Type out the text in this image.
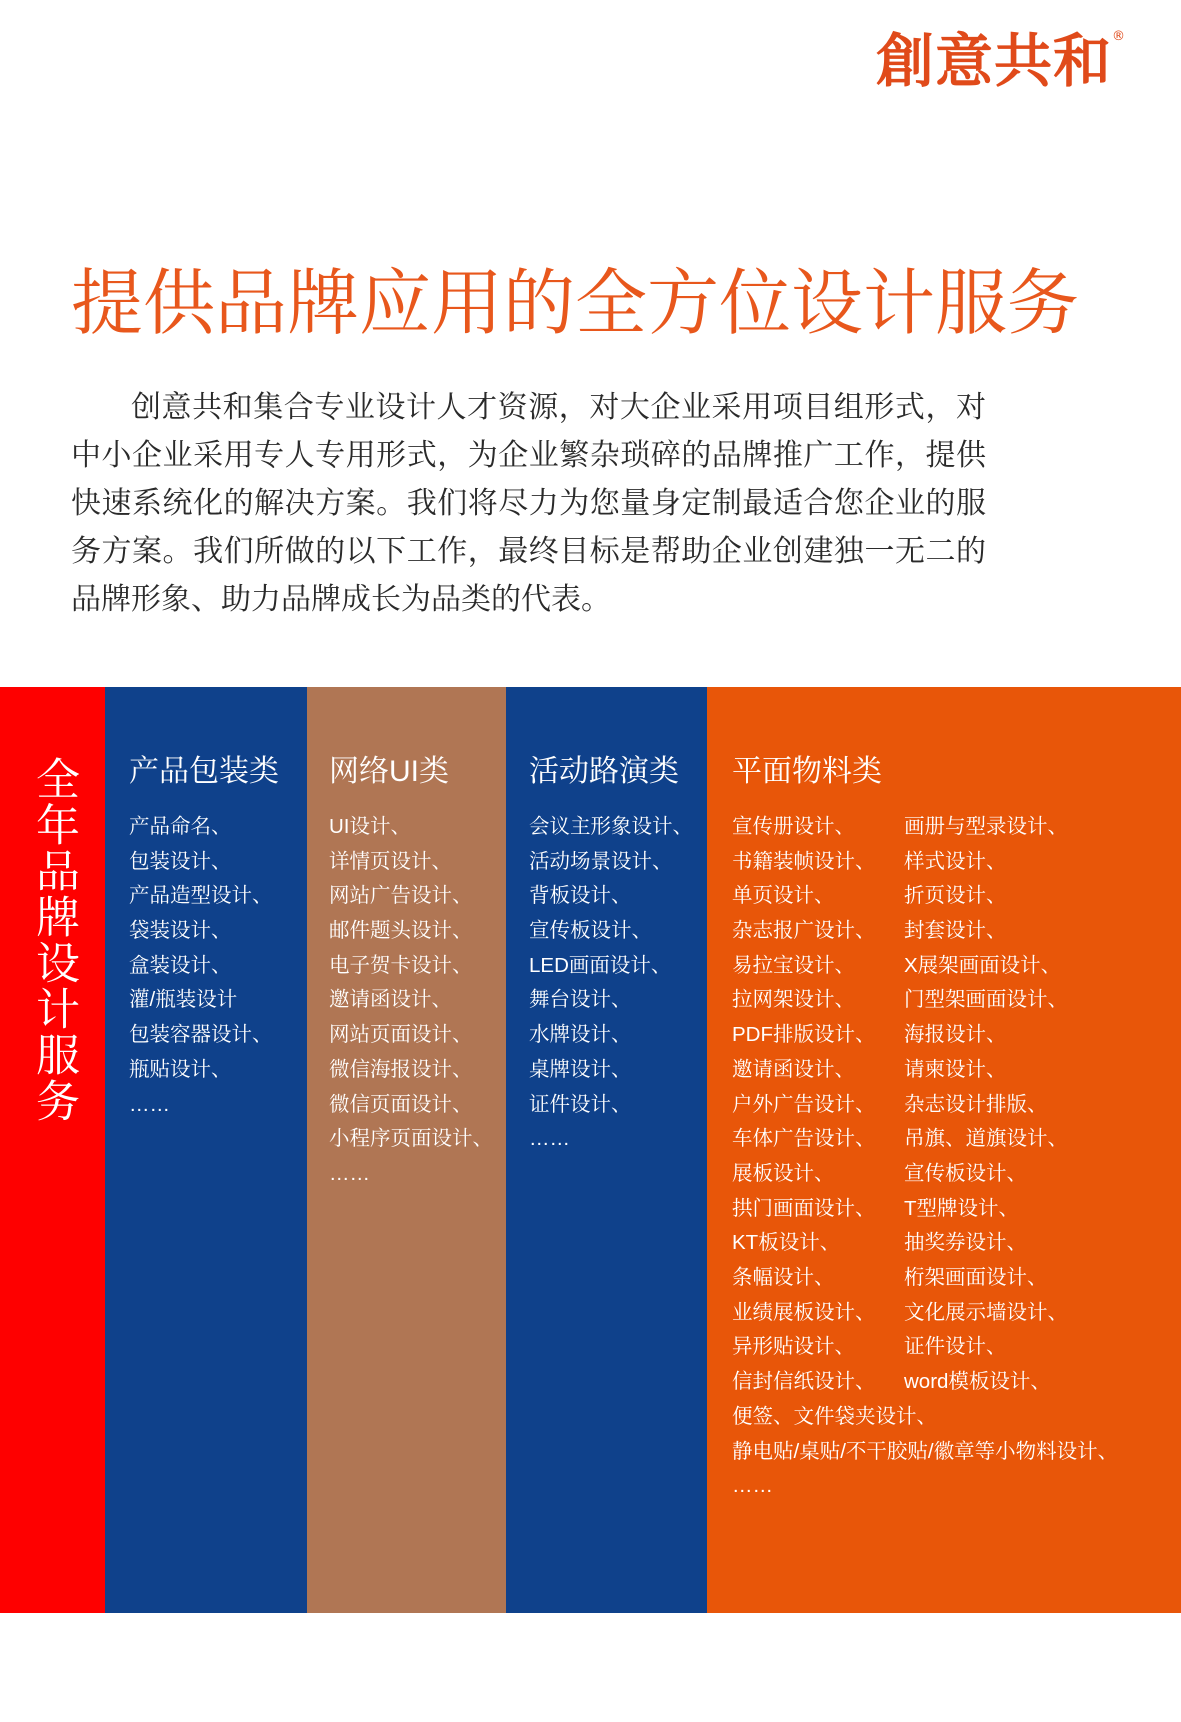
創意共和 ®
提供品牌应用的全方位设计服务
创意共和集合专业设计人才资源，对大企业采用项目组形式，对
中小企业采用专人专用形式，为企业繁杂琐碎的品牌推广工作，提供
快速系统化的解决方案。我们将尽力为您量身定制最适合您企业的服
务方案。我们所做的以下工作，最终目标是帮助企业创建独一无二的
品牌形象、助力品牌成长为品类的代表。
全年品牌设计服务 产品包装类
产品命名、
包装设计、
产品造型设计、
袋装设计、
盒装设计、
灌/瓶装设计
包装容器设计、
瓶贴设计、
……
网络UI类
UI设计、
详情页设计、
网站广告设计、
邮件题头设计、
电子贺卡设计、
邀请函设计、
网站页面设计、
微信海报设计、
微信页面设计、
小程序页面设计、
……
活动路演类
会议主形象设计、
活动场景设计、
背板设计、
宣传板设计、
LED画面设计、
舞台设计、
水牌设计、
桌牌设计、
证件设计、
……
平面物料类
宣传册设计、
书籍装帧设计、
单页设计、
杂志报广设计、
易拉宝设计、
拉网架设计、
PDF排版设计、
邀请函设计、
户外广告设计、
车体广告设计、
展板设计、
拱门画面设计、
KT板设计、
条幅设计、
业绩展板设计、
异形贴设计、
信封信纸设计、
画册与型录设计、
样式设计、
折页设计、
封套设计、
X展架画面设计、
门型架画面设计、
海报设计、
请柬设计、
杂志设计排版、
吊旗、道旗设计、
宣传板设计、
T型牌设计、
抽奖券设计、
桁架画面设计、
文化展示墙设计、
证件设计、
word模板设计、
便签、文件袋夹设计、
静电贴/桌贴/不干胶贴/徽章等小物料设计、
……
